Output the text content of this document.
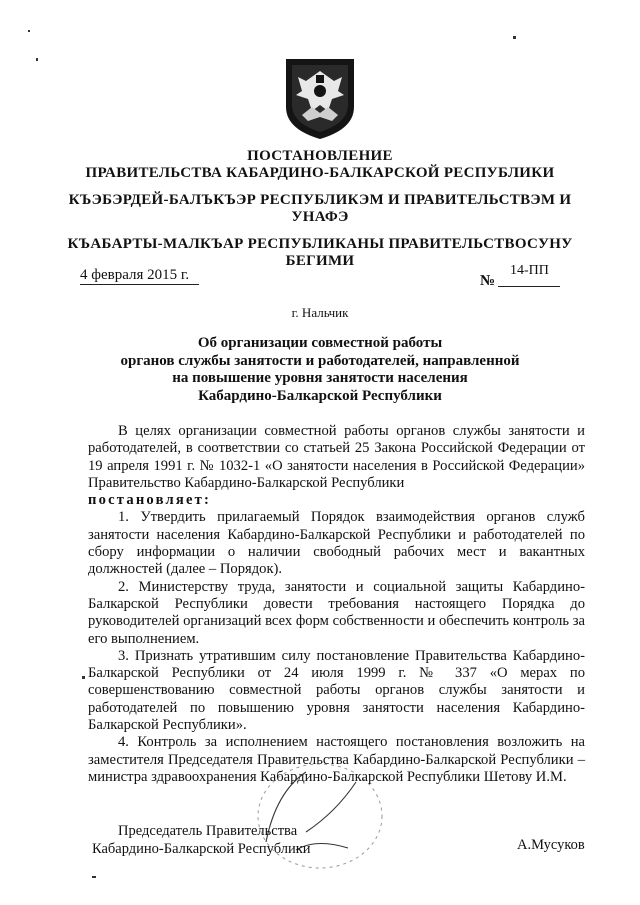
ПОСТАНОВЛЕНИЕ
ПРАВИТЕЛЬСТВА КАБАРДИНО-БАЛКАРСКОЙ РЕСПУБЛИКИ
КЪЭБЭРДЕЙ-БАЛЪКЪЭР РЕСПУБЛИКЭМ И ПРАВИТЕЛЬСТВЭМ И
УНАФЭ
КЪАБАРТЫ-МАЛКЪАР РЕСПУБЛИКАНЫ ПРАВИТЕЛЬСТВОСУНУ
БЕГИМИ
4 февраля 2015 г.	№
14-ПП
г. Нальчик
Об организации совместной работы
органов службы занятости и работодателей, направленной
на повышение уровня занятости населения
Кабардино-Балкарской Республики

В целях организации совместной работы органов службы занятости и работодателей, в соответствии со статьей 25 Закона Российской Федерации от 19 апреля 1991 г. № 1032-1 «О занятости населения в Российской Федерации» Правительство Кабардино-Балкарской Республики

постановляет:

1. Утвердить прилагаемый Порядок взаимодействия органов служб занятости населения Кабардино-Балкарской Республики и работодателей по сбору информации о наличии свободный рабочих мест и вакантных должностей (далее – Порядок).

2. Министерству труда, занятости и социальной защиты Кабардино-Балкарской Республики довести требования настоящего Порядка до руководителей организаций всех форм собственности и обеспечить контроль за его выполнением.

3. Признать утратившим силу постановление Правительства Кабардино-Балкарской Республики от 24 июля 1999 г. № 337 «О мерах по совершенствованию совместной работы органов службы занятости и работодателей по повышению уровня занятости населения Кабардино-Балкарской Республики».

4. Контроль за исполнением настоящего постановления возложить на заместителя Председателя Правительства Кабардино-Балкарской Республики – министра здравоохранения Кабардино-Балкарской Республики Шетову И.М.

Председатель Правительства
Кабардино-Балкарской Республики	А.Мусуков
